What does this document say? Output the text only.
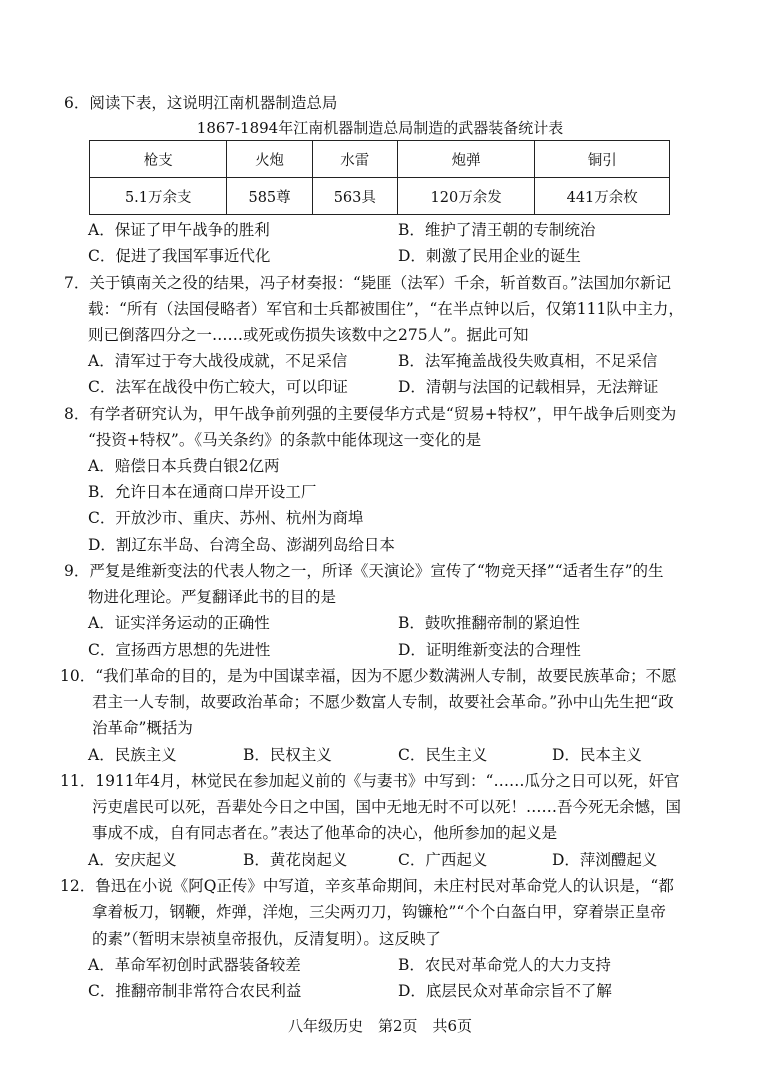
6．阅读下表，这说明江南机器制造总局
1867-1894年江南机器制造总局制造的武器装备统计表
枪支	火炮	水雷	炮弹	铜引
5.1万余支	585尊	563具	120万余发	441万余枚
A．保证了甲午战争的胜利	B．维护了清王朝的专制统治
C．促进了我国军事近代化	D．刺激了民用企业的诞生
7．关于镇南关之役的结果，冯子材奏报：“毙匪（法军）千余，斩首数百。”法国加尔新记
载：“所有（法国侵略者）军官和士兵都被围住”，“在半点钟以后，仅第111队中主力，
则已倒落四分之一……或死或伤损失该数中之275人”。据此可知
A．清军过于夸大战役成就，不足采信	B．法军掩盖战役失败真相，不足采信
C．法军在战役中伤亡较大，可以印证	D．清朝与法国的记载相异，无法辩证
8．有学者研究认为，甲午战争前列强的主要侵华方式是“贸易+特权”，甲午战争后则变为
“投资+特权”。《马关条约》的条款中能体现这一变化的是
A．赔偿日本兵费白银2亿两
B．允许日本在通商口岸开设工厂
C．开放沙市、重庆、苏州、杭州为商埠
D．割辽东半岛、台湾全岛、澎湖列岛给日本
9．严复是维新变法的代表人物之一，所译《天演论》宣传了“物竞天择”“适者生存”的生
物进化理论。严复翻译此书的目的是
A．证实洋务运动的正确性	B．鼓吹推翻帝制的紧迫性
C．宣扬西方思想的先进性	D．证明维新变法的合理性
10．“我们革命的目的，是为中国谋幸福，因为不愿少数满洲人专制，故要民族革命；不愿
君主一人专制，故要政治革命；不愿少数富人专制，故要社会革命。”孙中山先生把“政
治革命”概括为
A．民族主义	B．民权主义	C．民生主义	D．民本主义
11．1911年4月，林觉民在参加起义前的《与妻书》中写到：“……瓜分之日可以死，奸官
污吏虐民可以死，吾辈处今日之中国，国中无地无时不可以死！……吾今死无余憾，国
事成不成，自有同志者在。”表达了他革命的决心，他所参加的起义是
A．安庆起义	B．黄花岗起义	C．广西起义	D．萍浏醴起义
12．鲁迅在小说《阿Q正传》中写道，辛亥革命期间，未庄村民对革命党人的认识是，“都
拿着板刀，钢鞭，炸弹，洋炮，三尖两刃刀，钩镰枪”“个个白盔白甲，穿着崇正皇帝
的素”（暂明末崇祯皇帝报仇，反清复明）。这反映了
A．革命军初创时武器装备较差	B．农民对革命党人的大力支持
C．推翻帝制非常符合农民利益	D．底层民众对革命宗旨不了解
八年级历史　第2页　共6页
